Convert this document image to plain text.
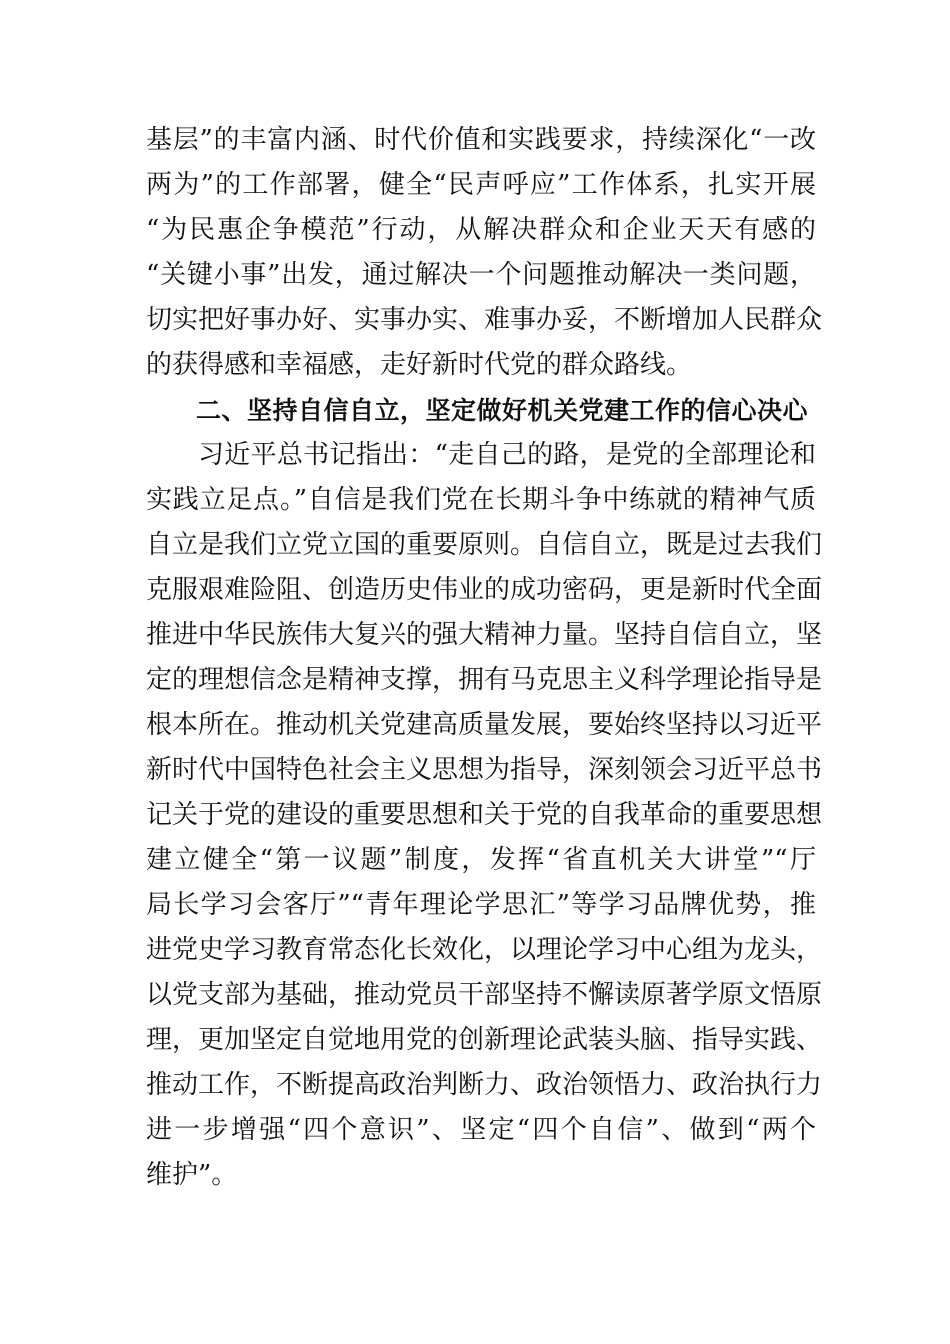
基层”的丰富内涵、时代价值和实践要求，持续深化“一改
两为”的工作部署，健全“民声呼应”工作体系，扎实开展
“为民惠企争模范”行动，从解决群众和企业天天有感的
“关键小事”出发，通过解决一个问题推动解决一类问题，
切实把好事办好、实事办实、难事办妥，不断增加人民群众
的获得感和幸福感，走好新时代党的群众路线。
二、坚持自信自立，坚定做好机关党建工作的信心决心
习近平总书记指出：“走自己的路，是党的全部理论和
实践立足点。”自信是我们党在长期斗争中练就的精神气质
自立是我们立党立国的重要原则。自信自立，既是过去我们
克服艰难险阻、创造历史伟业的成功密码，更是新时代全面
推进中华民族伟大复兴的强大精神力量。坚持自信自立，坚
定的理想信念是精神支撑，拥有马克思主义科学理论指导是
根本所在。推动机关党建高质量发展，要始终坚持以习近平
新时代中国特色社会主义思想为指导，深刻领会习近平总书
记关于党的建设的重要思想和关于党的自我革命的重要思想
建立健全“第一议题”制度，发挥“省直机关大讲堂”“厅
局长学习会客厅”“青年理论学思汇”等学习品牌优势，推
进党史学习教育常态化长效化，以理论学习中心组为龙头，
以党支部为基础，推动党员干部坚持不懈读原著学原文悟原
理，更加坚定自觉地用党的创新理论武装头脑、指导实践、
推动工作，不断提高政治判断力、政治领悟力、政治执行力
进一步增强“四个意识”、坚定“四个自信”、做到“两个
维护”。
